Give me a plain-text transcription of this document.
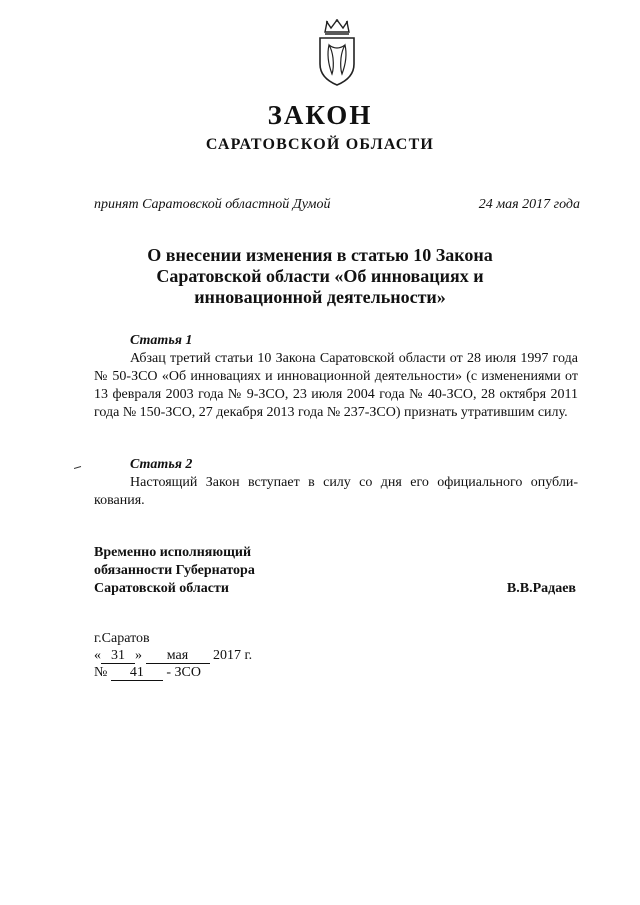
ЗАКОН
САРАТОВСКОЙ ОБЛАСТИ
принят Саратовской областной Думой	24 мая 2017 года
О внесении изменения в статью 10 Закона Саратовской области «Об инновациях и инновационной деятельности»
Статья 1

Абзац третий статьи 10 Закона Саратовской области от 28 июля 1997 года № 50-ЗСО «Об инновациях и инновационной деятельности» (с изменениями от 13 февраля 2003 года № 9-ЗСО, 23 июля 2004 года № 40-ЗСО, 28 октября 2011 года № 150-ЗСО, 27 декабря 2013 года № 237-ЗСО) признать утратившим силу.

Статья 2

Настоящий Закон вступает в силу со дня его официального опубликования.

Временно исполняющий
обязанности Губернатора
Саратовской области	В.В.Радаев
г.Саратов
« 31 » мая 2017 г.
№ 41 - ЗСО
